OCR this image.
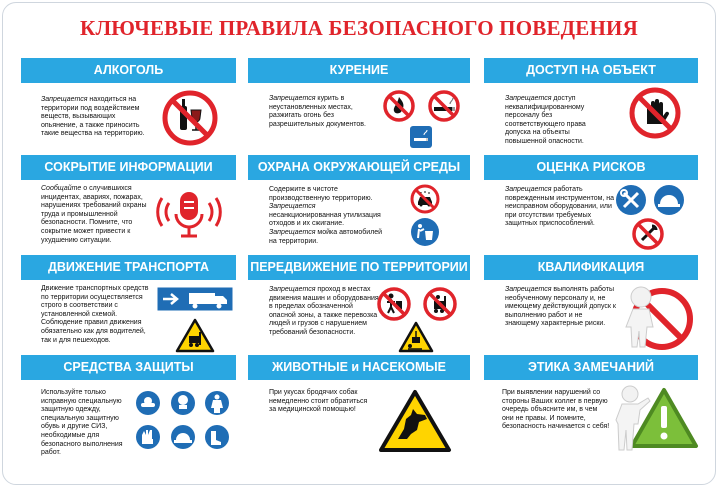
КЛЮЧЕВЫЕ ПРАВИЛА БЕЗОПАСНОГО ПОВЕДЕНИЯ
АЛКОГОЛЬ	КУРЕНИЕ	ДОСТУП НА ОБЪЕКТ
Запрещается находиться на территории под воздействием веществ, вызывающих опьянение, а также приносить такие вещества на территорию.
Запрещается курить в неустановленных местах, разжигать огонь без разрешительных документов.
Запрещается доступ неквалифицированному персоналу без соответствующего права допуска на объекты повышенной опасности.
СОКРЫТИЕ ИНФОРМАЦИИ	ОХРАНА ОКРУЖАЮЩЕЙ СРЕДЫ	ОЦЕНКА РИСКОВ
Сообщайте о случившихся инцидентах, авариях, пожарах, нарушениях требований охраны труда и промышленной безопасности. Помните, что сокрытие может привести к ухудшению ситуации.
Содержите в чистоте производственную территорию. Запрещается несанкционированная утилизация отходов и их сжигание. Запрещается мойка автомобилей на территории.
Запрещается работать поврежденным инструментом, на неисправном оборудовании, или при отсутствии требуемых защитных приспособлений.
ДВИЖЕНИЕ ТРАНСПОРТА	ПЕРЕДВИЖЕНИЕ ПО ТЕРРИТОРИИ	КВАЛИФИКАЦИЯ
Движение транспортных средств по территории осуществляется строго в соответствии с установленной схемой. Соблюдение правил движения обязательно как для водителей, так и для пешеходов.
Запрещается проход в местах движения машин и оборудования в пределах обозначенной опасной зоны, а также перевозка людей и грузов с нарушением требований безопасности.
Запрещается выполнять работы необученному персоналу и, не имеющему действующий допуск к выполнению работ и не знающему характерные риски.
СРЕДСТВА ЗАЩИТЫ	ЖИВОТНЫЕ и НАСЕКОМЫЕ	ЭТИКА ЗАМЕЧАНИЙ
Используйте только исправную специальную защитную одежду, специальную защитную обувь и другие СИЗ, необходимые для безопасного выполнения работ.
При укусах бродячих собак немедленно стоит обратиться за медицинской помощью!
При выявлении нарушений со стороны Ваших коллег в первую очередь объясните им, в чем они не правы. И помните, безопасность начинается с себя!
